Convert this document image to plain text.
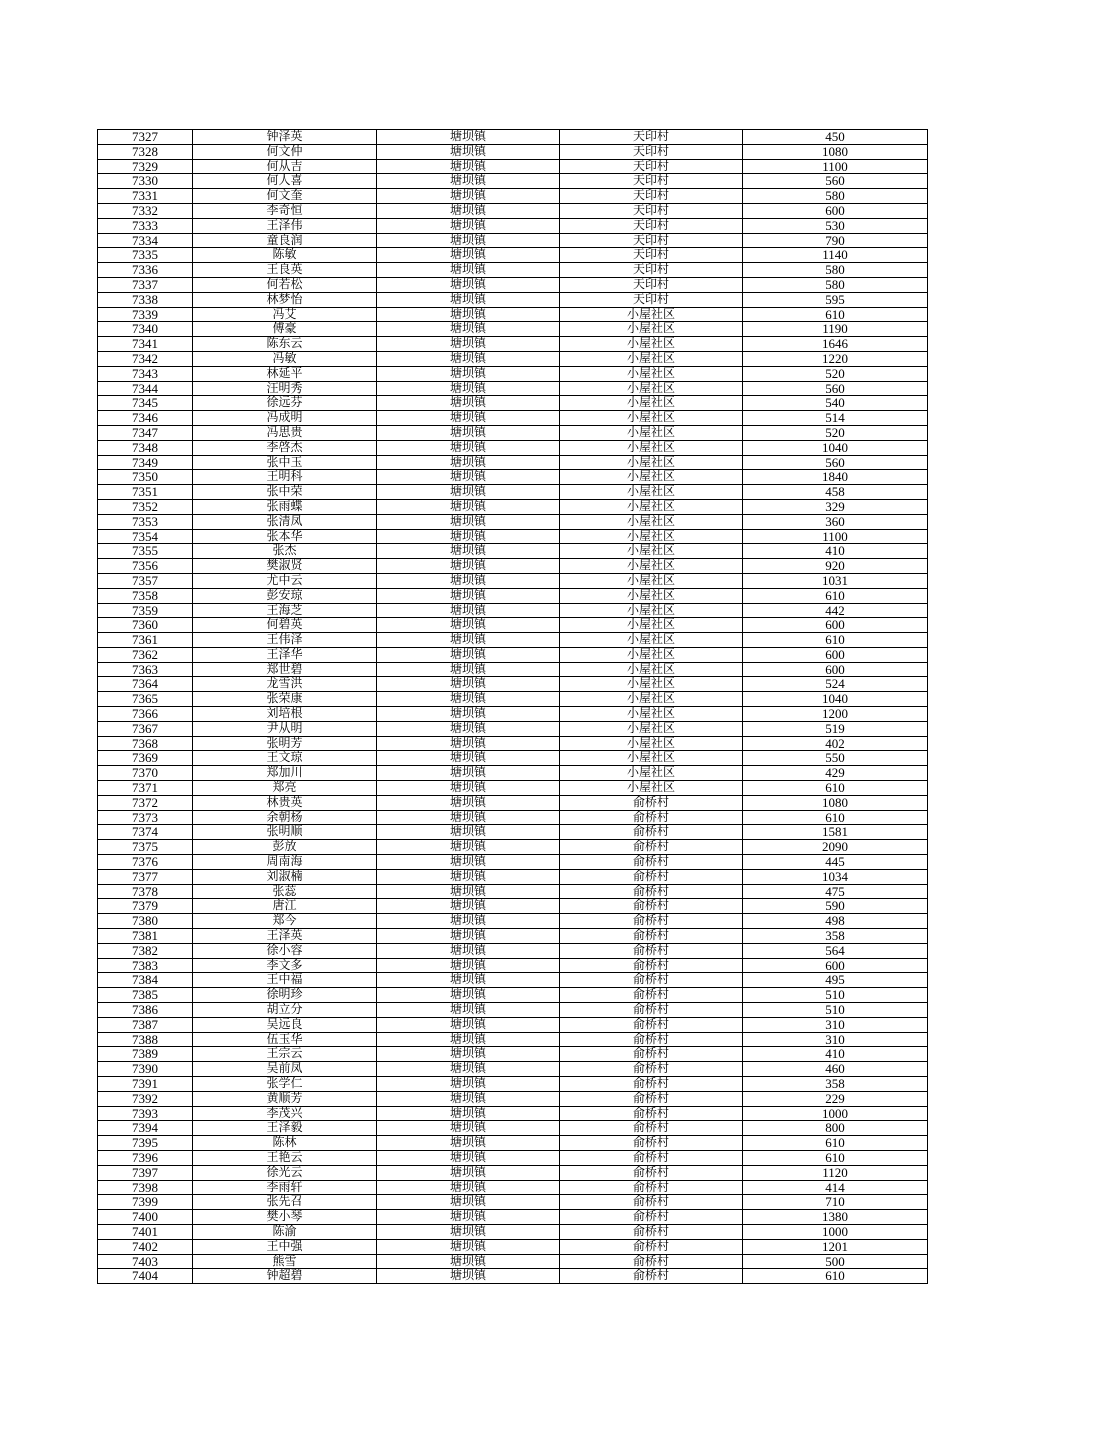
7327	钟泽英	塘坝镇	天印村	450
7328	何文仲	塘坝镇	天印村	1080
7329	何从吉	塘坝镇	天印村	1100
7330	何人喜	塘坝镇	天印村	560
7331	何文奎	塘坝镇	天印村	580
7332	李奇恒	塘坝镇	天印村	600
7333	王泽伟	塘坝镇	天印村	530
7334	童良润	塘坝镇	天印村	790
7335	陈敏	塘坝镇	天印村	1140
7336	王良英	塘坝镇	天印村	580
7337	何若松	塘坝镇	天印村	580
7338	林梦怡	塘坝镇	天印村	595
7339	冯艾	塘坝镇	小屋社区	610
7340	傅豪	塘坝镇	小屋社区	1190
7341	陈东云	塘坝镇	小屋社区	1646
7342	冯敏	塘坝镇	小屋社区	1220
7343	林延平	塘坝镇	小屋社区	520
7344	汪明秀	塘坝镇	小屋社区	560
7345	徐远芬	塘坝镇	小屋社区	540
7346	冯成明	塘坝镇	小屋社区	514
7347	冯思贵	塘坝镇	小屋社区	520
7348	李啓杰	塘坝镇	小屋社区	1040
7349	张中玉	塘坝镇	小屋社区	560
7350	王明科	塘坝镇	小屋社区	1840
7351	张中荣	塘坝镇	小屋社区	458
7352	张雨蝶	塘坝镇	小屋社区	329
7353	张清凤	塘坝镇	小屋社区	360
7354	张本华	塘坝镇	小屋社区	1100
7355	张杰	塘坝镇	小屋社区	410
7356	樊淑贤	塘坝镇	小屋社区	920
7357	尤中云	塘坝镇	小屋社区	1031
7358	彭安琼	塘坝镇	小屋社区	610
7359	王海芝	塘坝镇	小屋社区	442
7360	何碧英	塘坝镇	小屋社区	600
7361	王伟泽	塘坝镇	小屋社区	610
7362	王泽华	塘坝镇	小屋社区	600
7363	郑世碧	塘坝镇	小屋社区	600
7364	龙雪洪	塘坝镇	小屋社区	524
7365	张荣康	塘坝镇	小屋社区	1040
7366	刘培根	塘坝镇	小屋社区	1200
7367	尹从明	塘坝镇	小屋社区	519
7368	张明芳	塘坝镇	小屋社区	402
7369	王文琼	塘坝镇	小屋社区	550
7370	郑加川	塘坝镇	小屋社区	429
7371	郑亮	塘坝镇	小屋社区	610
7372	林贵英	塘坝镇	俞桥村	1080
7373	余朝杨	塘坝镇	俞桥村	610
7374	张明顺	塘坝镇	俞桥村	1581
7375	彭放	塘坝镇	俞桥村	2090
7376	周南海	塘坝镇	俞桥村	445
7377	刘淑楠	塘坝镇	俞桥村	1034
7378	张蕊	塘坝镇	俞桥村	475
7379	唐江	塘坝镇	俞桥村	590
7380	郑今	塘坝镇	俞桥村	498
7381	王泽英	塘坝镇	俞桥村	358
7382	徐小容	塘坝镇	俞桥村	564
7383	李文多	塘坝镇	俞桥村	600
7384	王中福	塘坝镇	俞桥村	495
7385	徐明珍	塘坝镇	俞桥村	510
7386	胡立分	塘坝镇	俞桥村	510
7387	吴远良	塘坝镇	俞桥村	310
7388	伍玉华	塘坝镇	俞桥村	310
7389	王宗云	塘坝镇	俞桥村	410
7390	吴前凤	塘坝镇	俞桥村	460
7391	张学仁	塘坝镇	俞桥村	358
7392	黄顺芳	塘坝镇	俞桥村	229
7393	李茂兴	塘坝镇	俞桥村	1000
7394	王泽毅	塘坝镇	俞桥村	800
7395	陈林	塘坝镇	俞桥村	610
7396	王艳云	塘坝镇	俞桥村	610
7397	徐光云	塘坝镇	俞桥村	1120
7398	李雨轩	塘坝镇	俞桥村	414
7399	张先召	塘坝镇	俞桥村	710
7400	樊小琴	塘坝镇	俞桥村	1380
7401	陈渝	塘坝镇	俞桥村	1000
7402	王中强	塘坝镇	俞桥村	1201
7403	熊雪	塘坝镇	俞桥村	500
7404	钟超碧	塘坝镇	俞桥村	610
